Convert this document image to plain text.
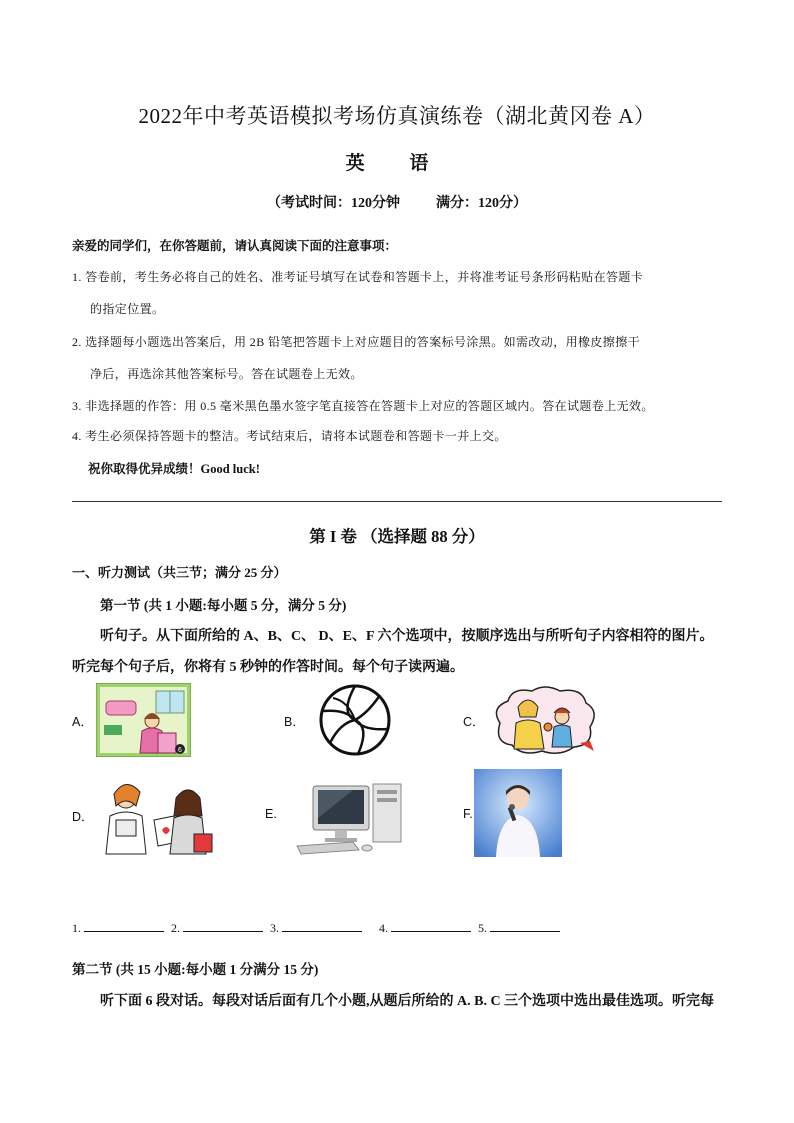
2022年中考英语模拟考场仿真演练卷（湖北黄冈卷 A）
英 语
（考试时间：120分钟	满分：120分）
亲爱的同学们，在你答题前，请认真阅读下面的注意事项：
1. 答卷前，考生务必将自己的姓名、准考证号填写在试卷和答题卡上，并将准考证号条形码粘贴在答题卡
的指定位置。
2. 选择题每小题选出答案后，用 2B 铅笔把答题卡上对应题目的答案标号涂黑。如需改动，用橡皮擦擦干
净后，再选涂其他答案标号。答在试题卷上无效。
3. 非选择题的作答：用 0.5 毫米黑色墨水签字笔直接答在答题卡上对应的答题区域内。答在试题卷上无效。
4. 考生必须保持答题卡的整洁。考试结束后，请将本试题卷和答题卡一并上交。
祝你取得优异成绩！Good luck!
第 I 卷 （选择题 88 分）
一、听力测试（共三节；满分 25 分）
第一节 (共 1 小题:每小题 5 分，满分 5 分)
听句子。从下面所给的 A、B、C、 D、E、F 六个选项中，按顺序选出与所听句子内容相符的图片。
听完每个句子后，你将有 5 秒钟的作答时间。每个句子读两遍。
A．	B．	C．
D．	E.	F.
6
1.	2.	3.	4.	5.
第二节 (共 15 小题:每小题 1 分满分 15 分)
听下面 6 段对话。每段对话后面有几个小题,从题后所给的 A. B. C 三个选项中选出最佳选项。听完每
